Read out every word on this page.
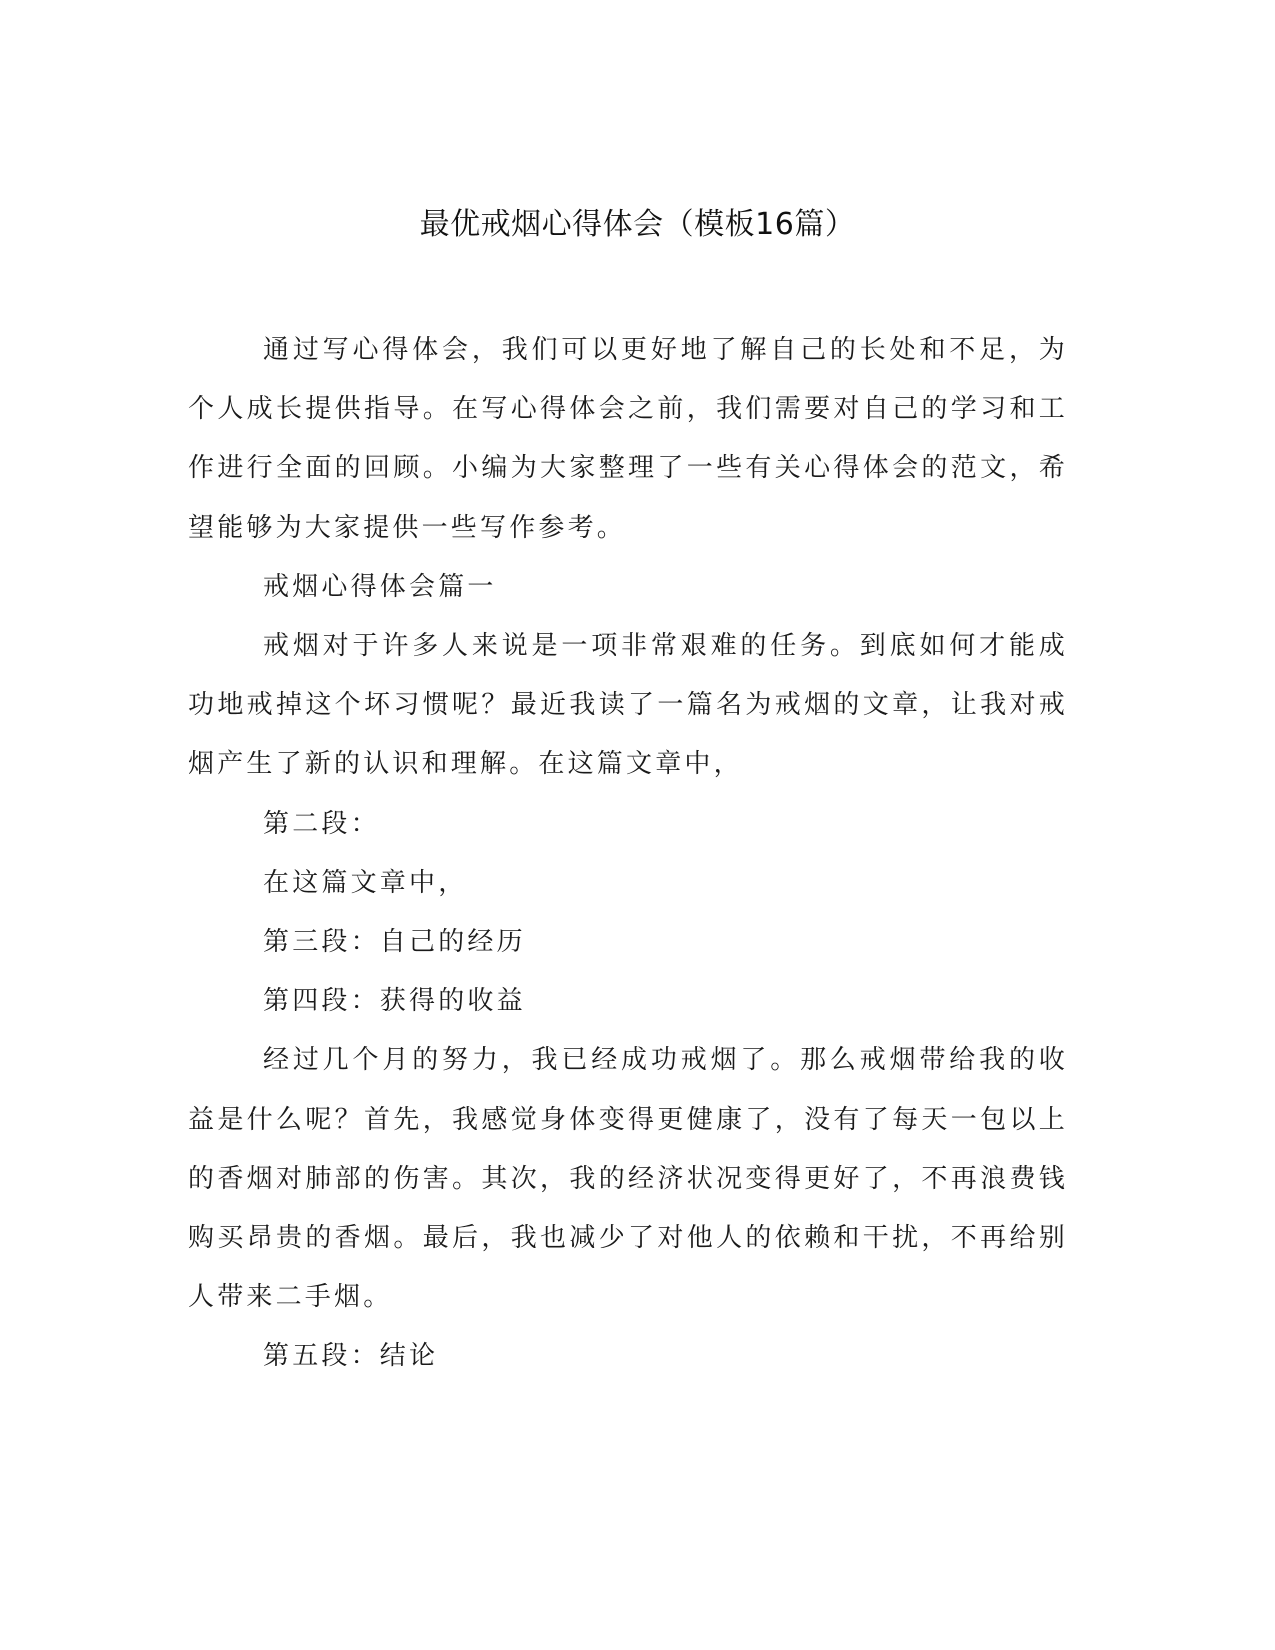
最优戒烟心得体会（模板16篇）

通过写心得体会，我们可以更好地了解自己的长处和不足，为个人成长提供指导。在写心得体会之前，我们需要对自己的学习和工作进行全面的回顾。小编为大家整理了一些有关心得体会的范文，希望能够为大家提供一些写作参考。

戒烟心得体会篇一

戒烟对于许多人来说是一项非常艰难的任务。到底如何才能成功地戒掉这个坏习惯呢？最近我读了一篇名为戒烟的文章，让我对戒烟产生了新的认识和理解。在这篇文章中，

第二段：

在这篇文章中，

第三段：自己的经历

第四段：获得的收益

经过几个月的努力，我已经成功戒烟了。那么戒烟带给我的收益是什么呢？首先，我感觉身体变得更健康了，没有了每天一包以上的香烟对肺部的伤害。其次，我的经济状况变得更好了，不再浪费钱购买昂贵的香烟。最后，我也减少了对他人的依赖和干扰，不再给别人带来二手烟。

第五段：结论
